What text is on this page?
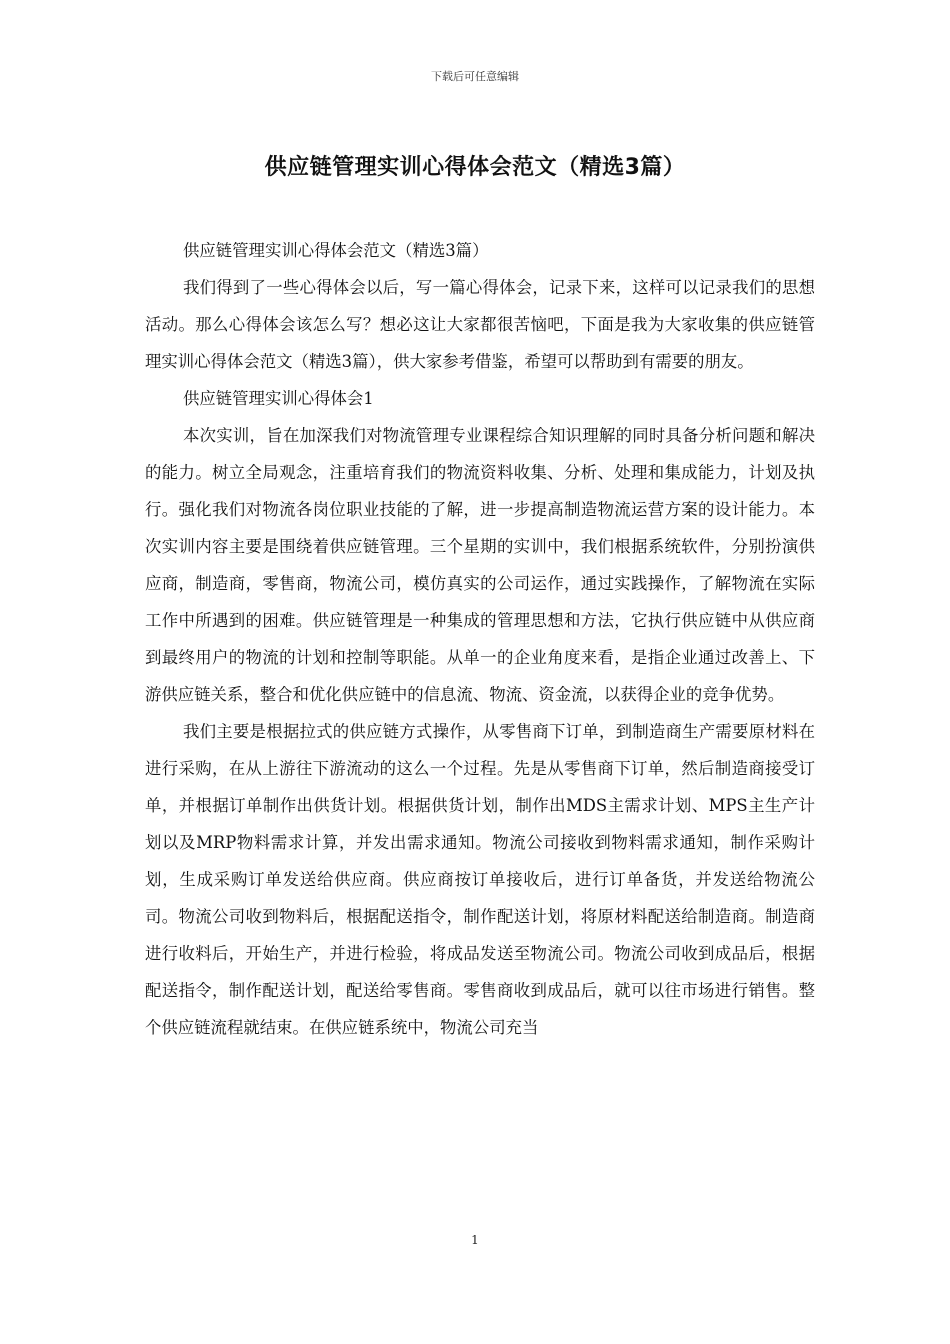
下载后可任意编辑
供应链管理实训心得体会范文（精选3篇）

供应链管理实训心得体会范文（精选3篇）

我们得到了一些心得体会以后，写一篇心得体会，记录下来，这样可以记录我们的思想活动。那么心得体会该怎么写？想必这让大家都很苦恼吧，下面是我为大家收集的供应链管理实训心得体会范文（精选3篇），供大家参考借鉴，希望可以帮助到有需要的朋友。

供应链管理实训心得体会1

本次实训，旨在加深我们对物流管理专业课程综合知识理解的同时具备分析问题和解决的能力。树立全局观念，注重培育我们的物流资料收集、分析、处理和集成能力，计划及执行。强化我们对物流各岗位职业技能的了解，进一步提高制造物流运营方案的设计能力。本次实训内容主要是围绕着供应链管理。三个星期的实训中，我们根据系统软件，分别扮演供应商，制造商，零售商，物流公司，模仿真实的公司运作，通过实践操作，了解物流在实际工作中所遇到的困难。供应链管理是一种集成的管理思想和方法，它执行供应链中从供应商到最终用户的物流的计划和控制等职能。从单一的企业角度来看，是指企业通过改善上、下游供应链关系，整合和优化供应链中的信息流、物流、资金流，以获得企业的竞争优势。

我们主要是根据拉式的供应链方式操作，从零售商下订单，到制造商生产需要原材料在进行采购，在从上游往下游流动的这么一个过程。先是从零售商下订单，然后制造商接受订单，并根据订单制作出供货计划。根据供货计划，制作出MDS主需求计划、MPS主生产计划以及MRP物料需求计算，并发出需求通知。物流公司接收到物料需求通知，制作采购计划，生成采购订单发送给供应商。供应商按订单接收后，进行订单备货，并发送给物流公司。物流公司收到物料后，根据配送指令，制作配送计划，将原材料配送给制造商。制造商进行收料后，开始生产，并进行检验，将成品发送至物流公司。物流公司收到成品后，根据配送指令，制作配送计划，配送给零售商。零售商收到成品后，就可以往市场进行销售。整个供应链流程就结束。在供应链系统中，物流公司充当

1
